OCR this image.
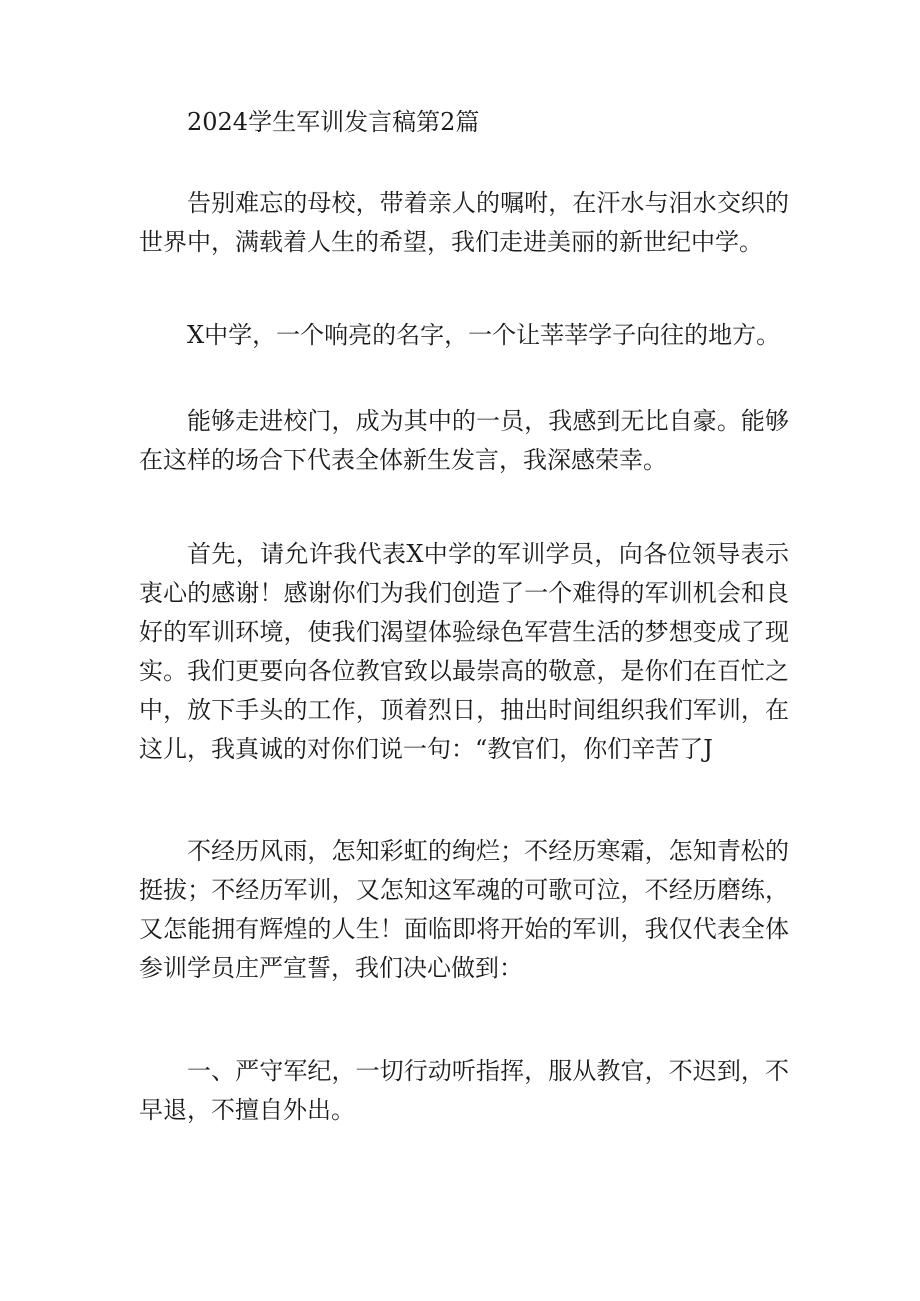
2024学生军训发言稿第2篇

告别难忘的母校，带着亲人的嘱咐，在汗水与泪水交织的世界中，满载着人生的希望，我们走进美丽的新世纪中学。

X中学，一个响亮的名字，一个让莘莘学子向往的地方。

能够走进校门，成为其中的一员，我感到无比自豪。能够在这样的场合下代表全体新生发言，我深感荣幸。

首先，请允许我代表X中学的军训学员，向各位领导表示衷心的感谢！感谢你们为我们创造了一个难得的军训机会和良好的军训环境，使我们渴望体验绿色军营生活的梦想变成了现实。我们更要向各位教官致以最崇高的敬意，是你们在百忙之中，放下手头的工作，顶着烈日，抽出时间组织我们军训，在这儿，我真诚的对你们说一句：“教官们，你们辛苦了J

不经历风雨，怎知彩虹的绚烂；不经历寒霜，怎知青松的挺拔；不经历军训，又怎知这军魂的可歌可泣，不经历磨练，又怎能拥有辉煌的人生！面临即将开始的军训，我仅代表全体参训学员庄严宣誓，我们决心做到：

一、严守军纪，一切行动听指挥，服从教官，不迟到，不早退，不擅自外出。
